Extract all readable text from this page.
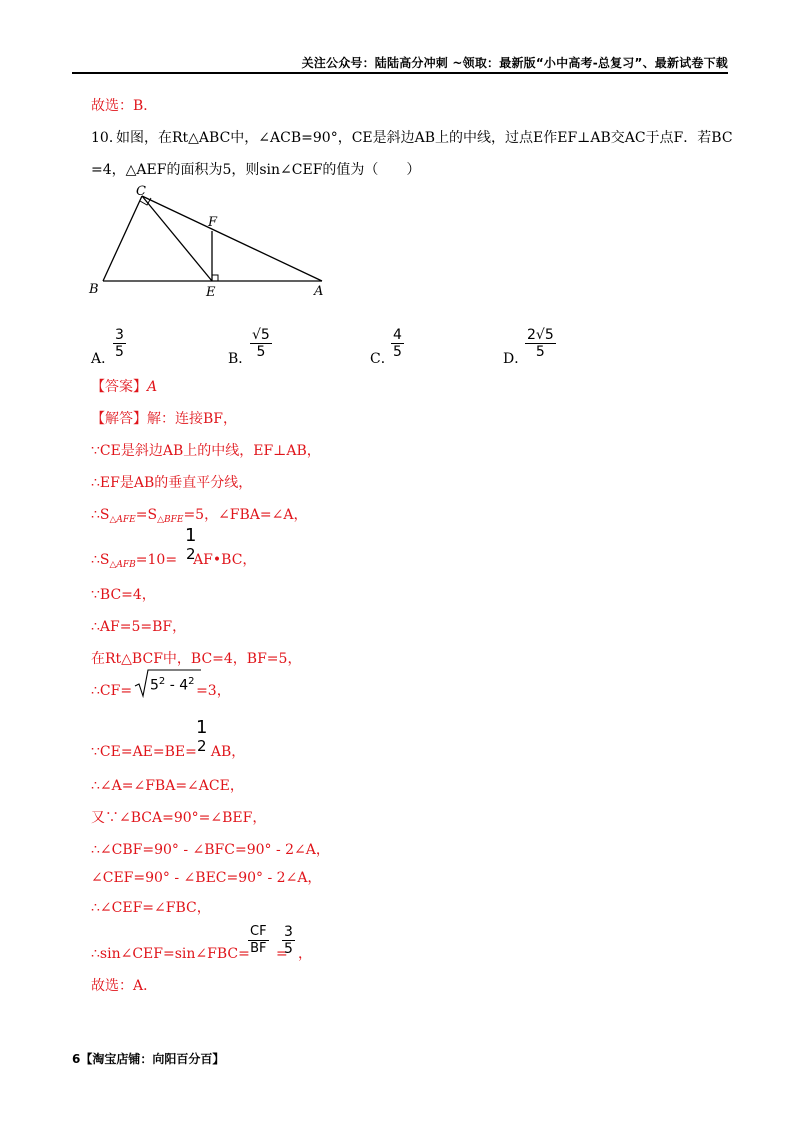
关注公众号：陆陆高分冲刺 ~领取：最新版“小中高考-总复习”、最新试卷下载
故选：B．
10．
如图，在Rt△ABC中，∠ACB=90°，CE是斜边AB上的中线，过点E作EF⊥AB交AC于点F．若BC
=4，△AEF的面积为5，则sin∠CEF的值为（　　）
C
F
B	E	A
A．
$\frac{3}{5}$	B．
$\frac{√5}{5}$	C．
$\frac{4}{5}$	D．
$\frac{2√5}{5}$
【答案】A
【解答】解：连接BF，
∵CE是斜边AB上的中线，EF⊥AB，
∴EF是AB的垂直平分线，
$\therefore S_{\triangle AFE}=S_{\triangle BFE}=5$，∠FBA=∠A，
$\therefore S_{\triangle AFB}=10=$ AF•BC，
1
2
∵BC=4，
∴AF=5=BF，
在Rt△BCF中，BC=4，BF=5，
∴CF=	=3，
$5^2 - 4^2$
∵CE=AE=BE= AB，
1
2
∴∠A=∠FBA=∠ACE，
又∵∠BCA=90°=∠BEF，
∴∠CBF=90° - ∠BFC=90° - 2∠A，
∠CEF=90° - ∠BEC=90° - 2∠A，
∴∠CEF=∠FBC，
∴sin∠CEF=sin∠FBC=
$\frac{CF}{BF}$ =
$\frac{3}{5}$ ，
故选：A．
6【淘宝店铺：向阳百分百】
